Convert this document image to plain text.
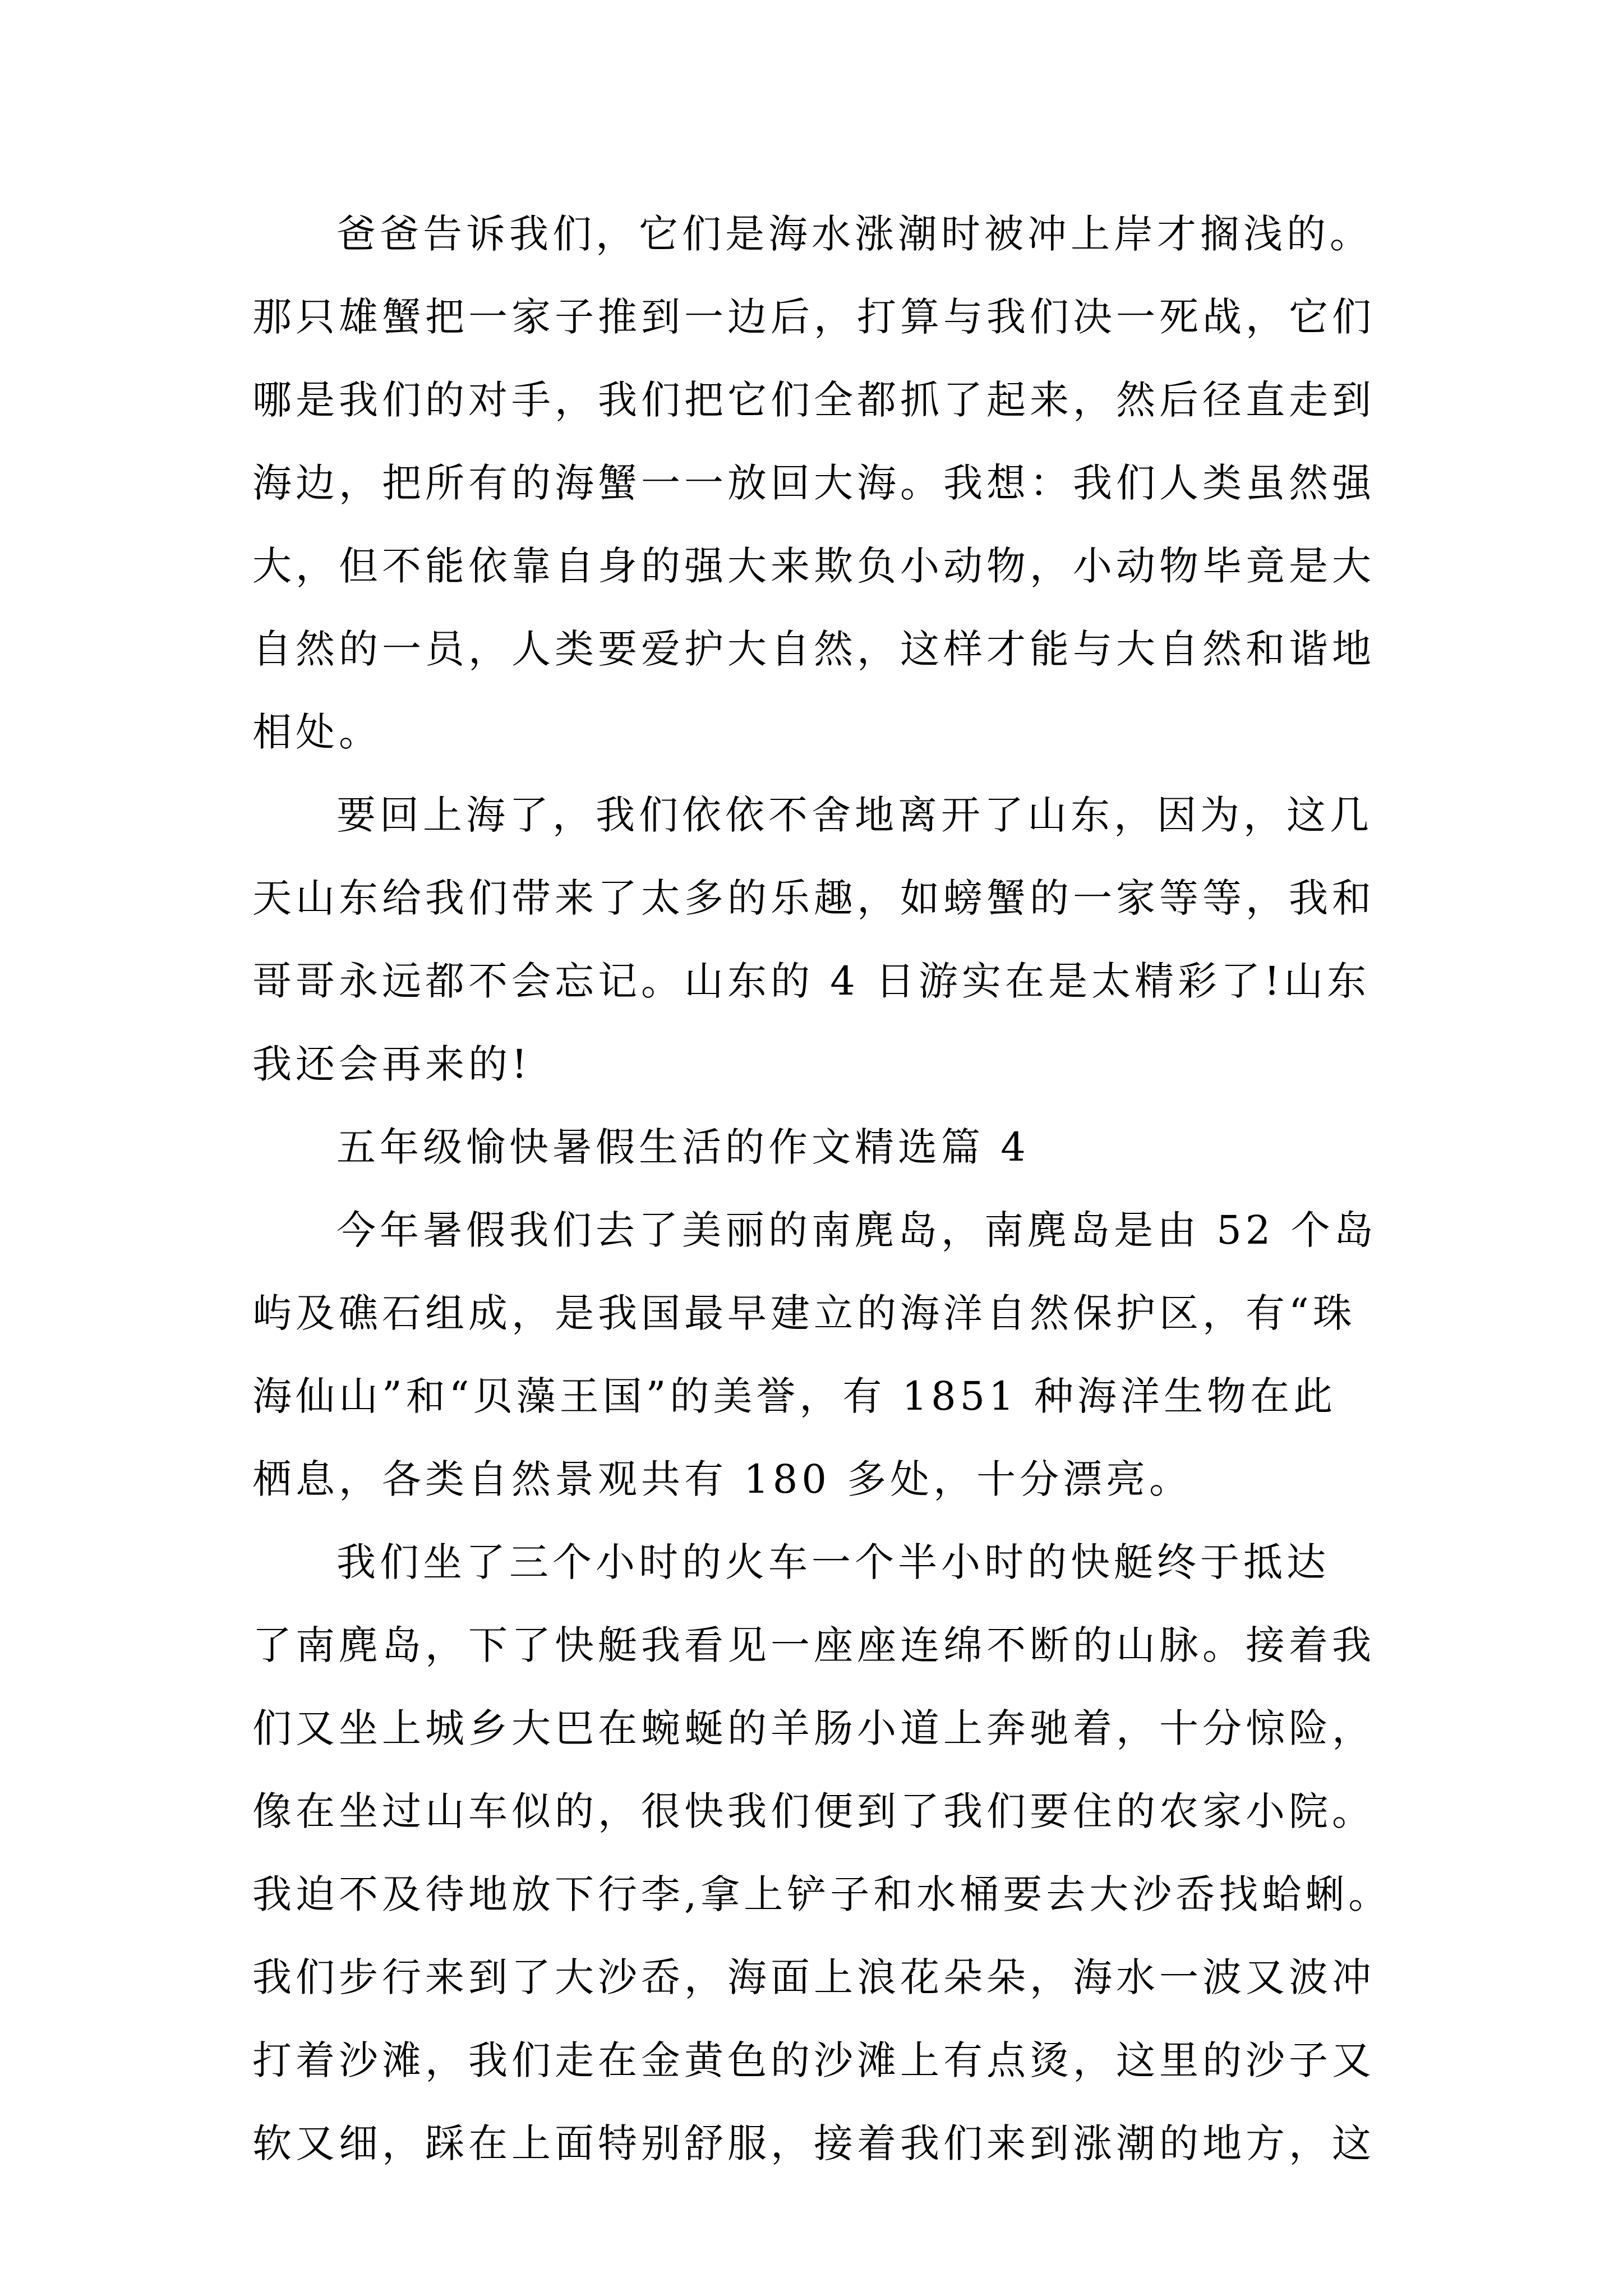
爸爸告诉我们，它们是海水涨潮时被冲上岸才搁浅的。
那只雄蟹把一家子推到一边后，打算与我们决一死战，它们
哪是我们的对手，我们把它们全都抓了起来，然后径直走到
海边，把所有的海蟹一一放回大海。我想：我们人类虽然强
大，但不能依靠自身的强大来欺负小动物，小动物毕竟是大
自然的一员，人类要爱护大自然，这样才能与大自然和谐地
相处。
要回上海了，我们依依不舍地离开了山东，因为，这几
天山东给我们带来了太多的乐趣，如螃蟹的一家等等，我和
哥哥永远都不会忘记。山东的 4 日游实在是太精彩了!山东
我还会再来的!
五年级愉快暑假生活的作文精选篇 4
今年暑假我们去了美丽的南麂岛，南麂岛是由 52 个岛
屿及礁石组成，是我国最早建立的海洋自然保护区，有“珠
海仙山”和“贝藻王国”的美誉，有 1851 种海洋生物在此
栖息，各类自然景观共有 180 多处，十分漂亮。
我们坐了三个小时的火车一个半小时的快艇终于抵达
了南麂岛，下了快艇我看见一座座连绵不断的山脉。接着我
们又坐上城乡大巴在蜿蜒的羊肠小道上奔驰着，十分惊险，
像在坐过山车似的，很快我们便到了我们要住的农家小院。
我迫不及待地放下行李,拿上铲子和水桶要去大沙岙找蛤蜊。
我们步行来到了大沙岙，海面上浪花朵朵，海水一波又波冲
打着沙滩，我们走在金黄色的沙滩上有点烫，这里的沙子又
软又细，踩在上面特别舒服，接着我们来到涨潮的地方，这
